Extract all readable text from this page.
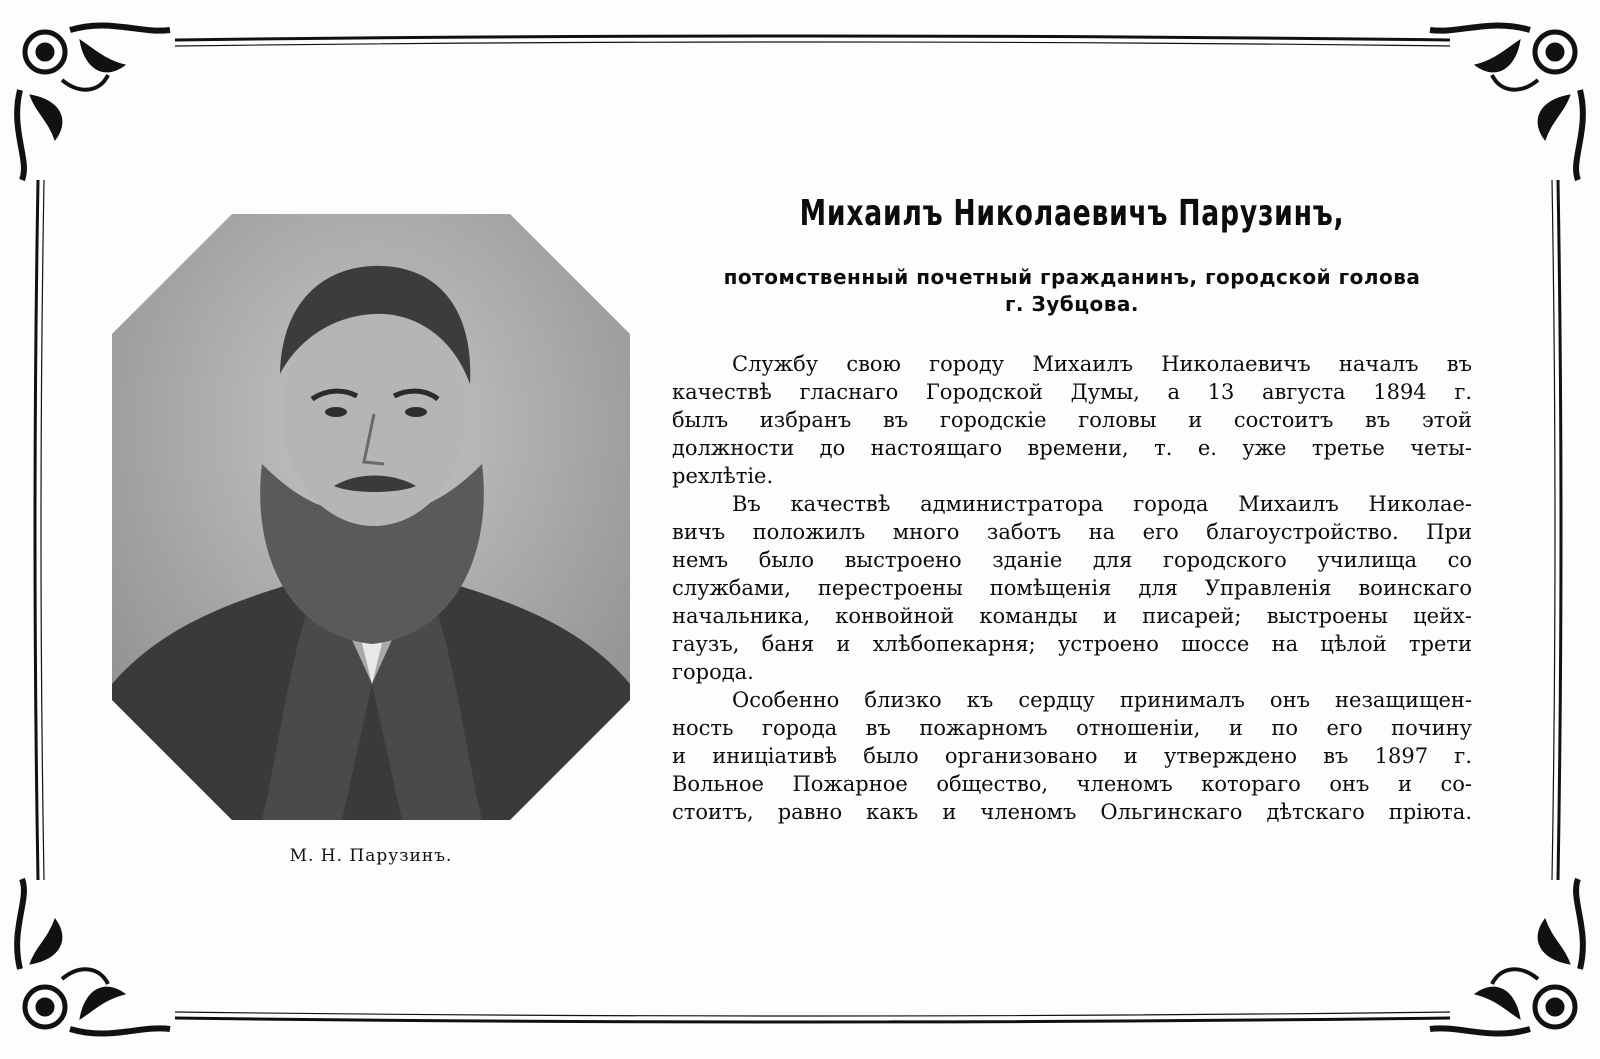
М. Н. Парузинъ.
Михаилъ Николаевичъ Парузинъ,
потомственный почетный гражданинъ, городской голова
г. Зубцова.
Службу свою городу Михаилъ Николаевичъ началъ въ
качествѣ гласнаго Городской Думы, а 13 августа 1894 г.
былъ избранъ въ городскіе головы и состоитъ въ этой
должности до настоящаго времени, т. е. уже третье четы-
рехлѣтіе.
Въ качествѣ администратора города Михаилъ Николае-
вичъ положилъ много заботъ на его благоустройство. При
немъ было выстроено зданіе для городского училища со
службами, перестроены помѣщенія для Управленія воинскаго
начальника, конвойной команды и писарей; выстроены цейх-
гаузъ, баня и хлѣбопекарня; устроено шоссе на цѣлой трети
города.
Особенно близко къ сердцу принималъ онъ незащищен-
ность города въ пожарномъ отношеніи, и по его почину
и иниціативѣ было организовано и утверждено въ 1897 г.
Вольное Пожарное общество, членомъ котораго онъ и со-
стоитъ, равно какъ и членомъ Ольгинскаго дѣтскаго пріюта.
